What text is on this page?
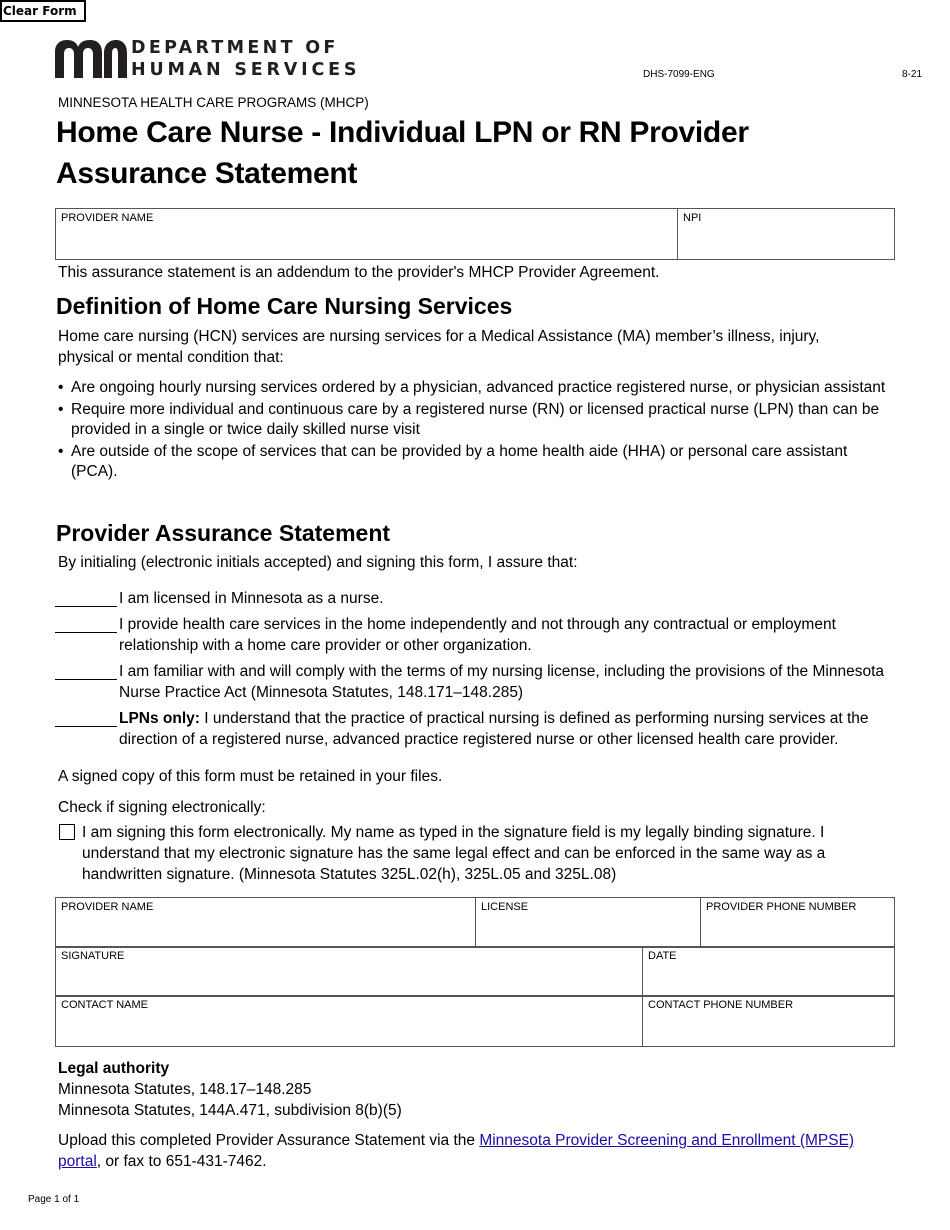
Clear Form
DEPARTMENT OF
HUMAN SERVICES	DHS-7099-ENG	8-21
MINNESOTA HEALTH CARE PROGRAMS (MHCP)
Home Care Nurse - Individual LPN or RN Provider Assurance Statement
PROVIDER NAME	NPI
This assurance statement is an addendum to the provider's MHCP Provider Agreement.
Definition of Home Care Nursing Services
Home care nursing (HCN) services are nursing services for a Medical Assistance (MA) member’s illness, injury, physical or mental condition that:
• Are ongoing hourly nursing services ordered by a physician, advanced practice registered nurse, or physician assistant
• Require more individual and continuous care by a registered nurse (RN) or licensed practical nurse (LPN) than can be provided in a single or twice daily skilled nurse visit
• Are outside of the scope of services that can be provided by a home health aide (HHA) or personal care assistant (PCA).
Provider Assurance Statement
By initialing (electronic initials accepted) and signing this form, I assure that:
I am licensed in Minnesota as a nurse.
I provide health care services in the home independently and not through any contractual or employment relationship with a home care provider or other organization.
I am familiar with and will comply with the terms of my nursing license, including the provisions of the Minnesota Nurse Practice Act (Minnesota Statutes, 148.171–148.285)
LPNs only: I understand that the practice of practical nursing is defined as performing nursing services at the direction of a registered nurse, advanced practice registered nurse or other licensed health care provider.
A signed copy of this form must be retained in your files.
Check if signing electronically:
I am signing this form electronically. My name as typed in the signature field is my legally binding signature. I understand that my electronic signature has the same legal effect and can be enforced in the same way as a handwritten signature. (Minnesota Statutes 325L.02(h), 325L.05 and 325L.08)
PROVIDER NAME	LICENSE	PROVIDER PHONE NUMBER
SIGNATURE	DATE
CONTACT NAME	CONTACT PHONE NUMBER
Legal authority
Minnesota Statutes, 148.17–148.285
Minnesota Statutes, 144A.471, subdivision 8(b)(5)
Upload this completed Provider Assurance Statement via the Minnesota Provider Screening and Enrollment (MPSE) portal, or fax to 651-431-7462.
Page 1 of 1
